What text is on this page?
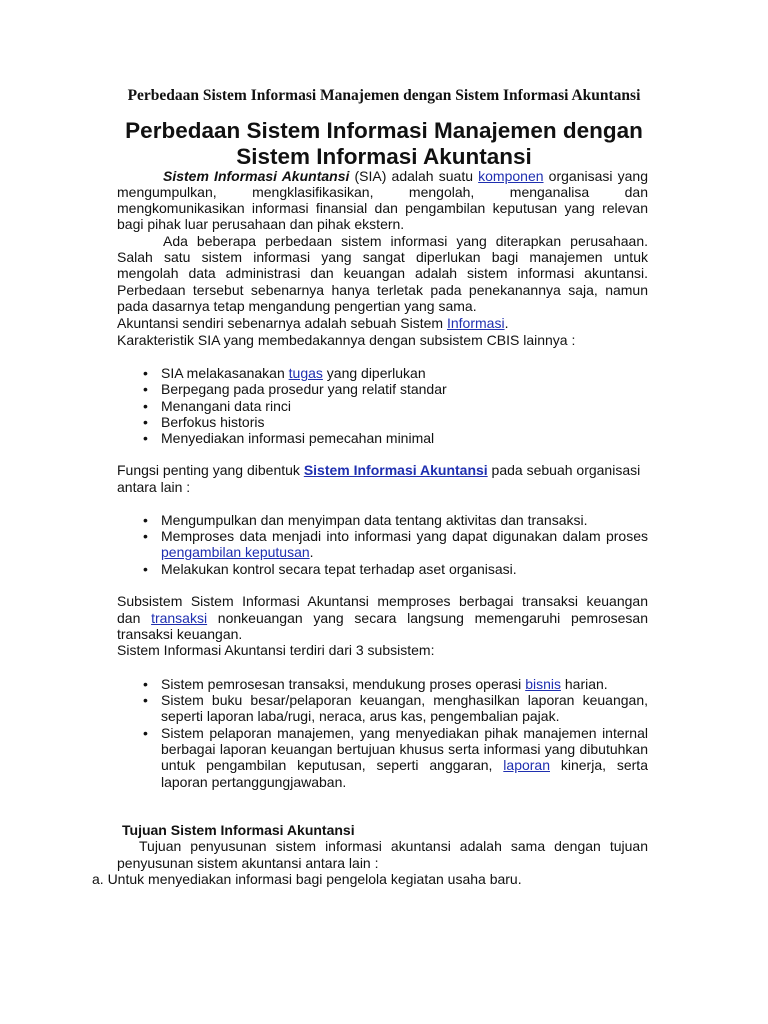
Perbedaan Sistem Informasi Manajemen dengan Sistem Informasi Akuntansi
Perbedaan Sistem Informasi Manajemen dengan
Sistem Informasi Akuntansi
Sistem Informasi Akuntansi (SIA) adalah suatu komponen organisasi yang
mengumpulkan, mengklasifikasikan, mengolah, menganalisa dan
mengkomunikasikan informasi finansial dan pengambilan keputusan yang relevan
bagi pihak luar perusahaan dan pihak ekstern.
Ada beberapa perbedaan sistem informasi yang diterapkan perusahaan.
Salah satu sistem informasi yang sangat diperlukan bagi manajemen untuk
mengolah data administrasi dan keuangan adalah sistem informasi akuntansi.
Perbedaan tersebut sebenarnya hanya terletak pada penekanannya saja, namun
pada dasarnya tetap mengandung pengertian yang sama.
Akuntansi sendiri sebenarnya adalah sebuah Sistem Informasi.
Karakteristik SIA yang membedakannya dengan subsistem CBIS lainnya :
SIA melakasanakan tugas yang diperlukan
•
Berpegang pada prosedur yang relatif standar
•
Menangani data rinci
•
Berfokus historis
•
Menyediakan informasi pemecahan minimal
•
Fungsi penting yang dibentuk Sistem Informasi Akuntansi pada sebuah organisasi
antara lain :
Mengumpulkan dan menyimpan data tentang aktivitas dan transaksi.
•
Memproses data menjadi into informasi yang dapat digunakan dalam proses
•
pengambilan keputusan.
Melakukan kontrol secara tepat terhadap aset organisasi.
•
Subsistem Sistem Informasi Akuntansi memproses berbagai transaksi keuangan
dan transaksi nonkeuangan yang secara langsung memengaruhi pemrosesan
transaksi keuangan.
Sistem Informasi Akuntansi terdiri dari 3 subsistem:
Sistem pemrosesan transaksi, mendukung proses operasi bisnis harian.
•
Sistem buku besar/pelaporan keuangan, menghasilkan laporan keuangan,
•
seperti laporan laba/rugi, neraca, arus kas, pengembalian pajak.
Sistem pelaporan manajemen, yang menyediakan pihak manajemen internal
•
berbagai laporan keuangan bertujuan khusus serta informasi yang dibutuhkan
untuk pengambilan keputusan, seperti anggaran, laporan kinerja, serta
laporan pertanggungjawaban.
Tujuan Sistem Informasi Akuntansi
Tujuan penyusunan sistem informasi akuntansi adalah sama dengan tujuan
penyusunan sistem akuntansi antara lain :
a. Untuk menyediakan informasi bagi pengelola kegiatan usaha baru.
